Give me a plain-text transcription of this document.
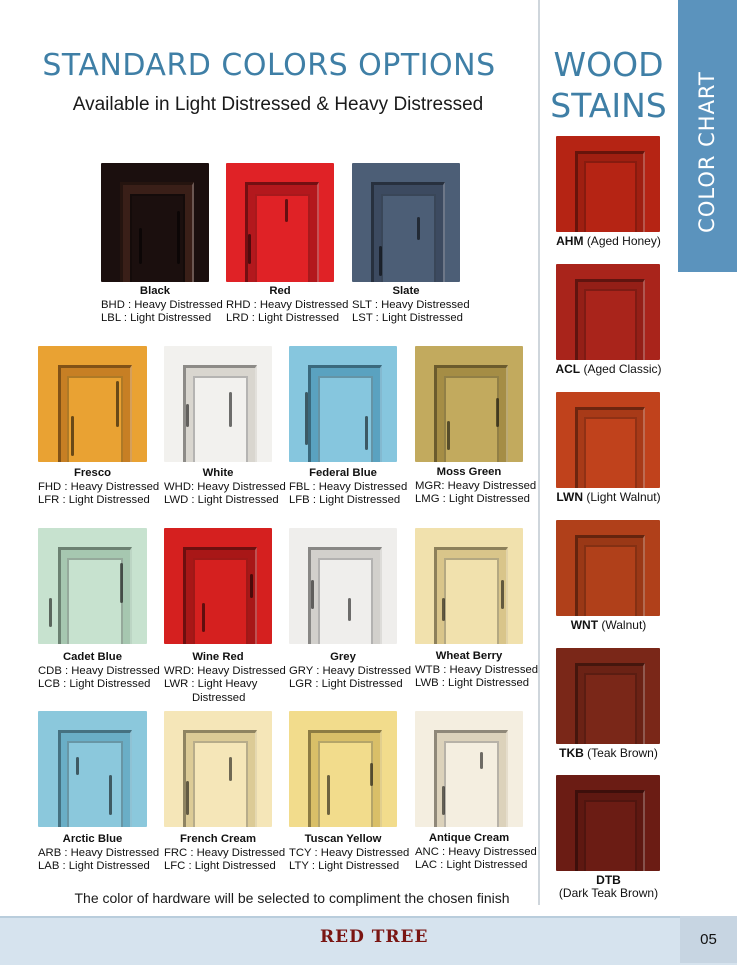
STANDARD COLORS OPTIONS
Available in Light Distressed & Heavy Distressed	COLOR CHART
WOOD
STAINS
Black
BHD : Heavy Distressed
LBL : Light Distressed
Red
RHD : Heavy Distressed
LRD : Light Distressed
Slate
SLT : Heavy Distressed
LST : Light Distressed
Fresco
FHD : Heavy Distressed
LFR : Light Distressed
White
WHD: Heavy Distressed
LWD : Light Distressed
Federal Blue
FBL : Heavy Distressed
LFB : Light Distressed
Moss Green
MGR: Heavy Distressed
LMG : Light Distressed
Cadet Blue
CDB : Heavy Distressed
LCB : Light Distressed
Wine Red
WRD: Heavy Distressed
LWR : Light Heavy
Distressed
Grey
GRY : Heavy Distressed
LGR : Light Distressed
Wheat Berry
WTB : Heavy Distressed
LWB : Light Distressed
Arctic Blue
ARB : Heavy Distressed
LAB : Light Distressed
French Cream
FRC : Heavy Distressed
LFC : Light Distressed
Tuscan Yellow
TCY : Heavy Distressed
LTY : Light Distressed
Antique Cream
ANC : Heavy Distressed
LAC : Light Distressed
AHM (Aged Honey)
ACL (Aged Classic)
LWN (Light Walnut)
WNT (Walnut)
TKB (Teak Brown)
DTB
(Dark Teak Brown)
The color of hardware will be selected to compliment the chosen finish
RED TREE	05
